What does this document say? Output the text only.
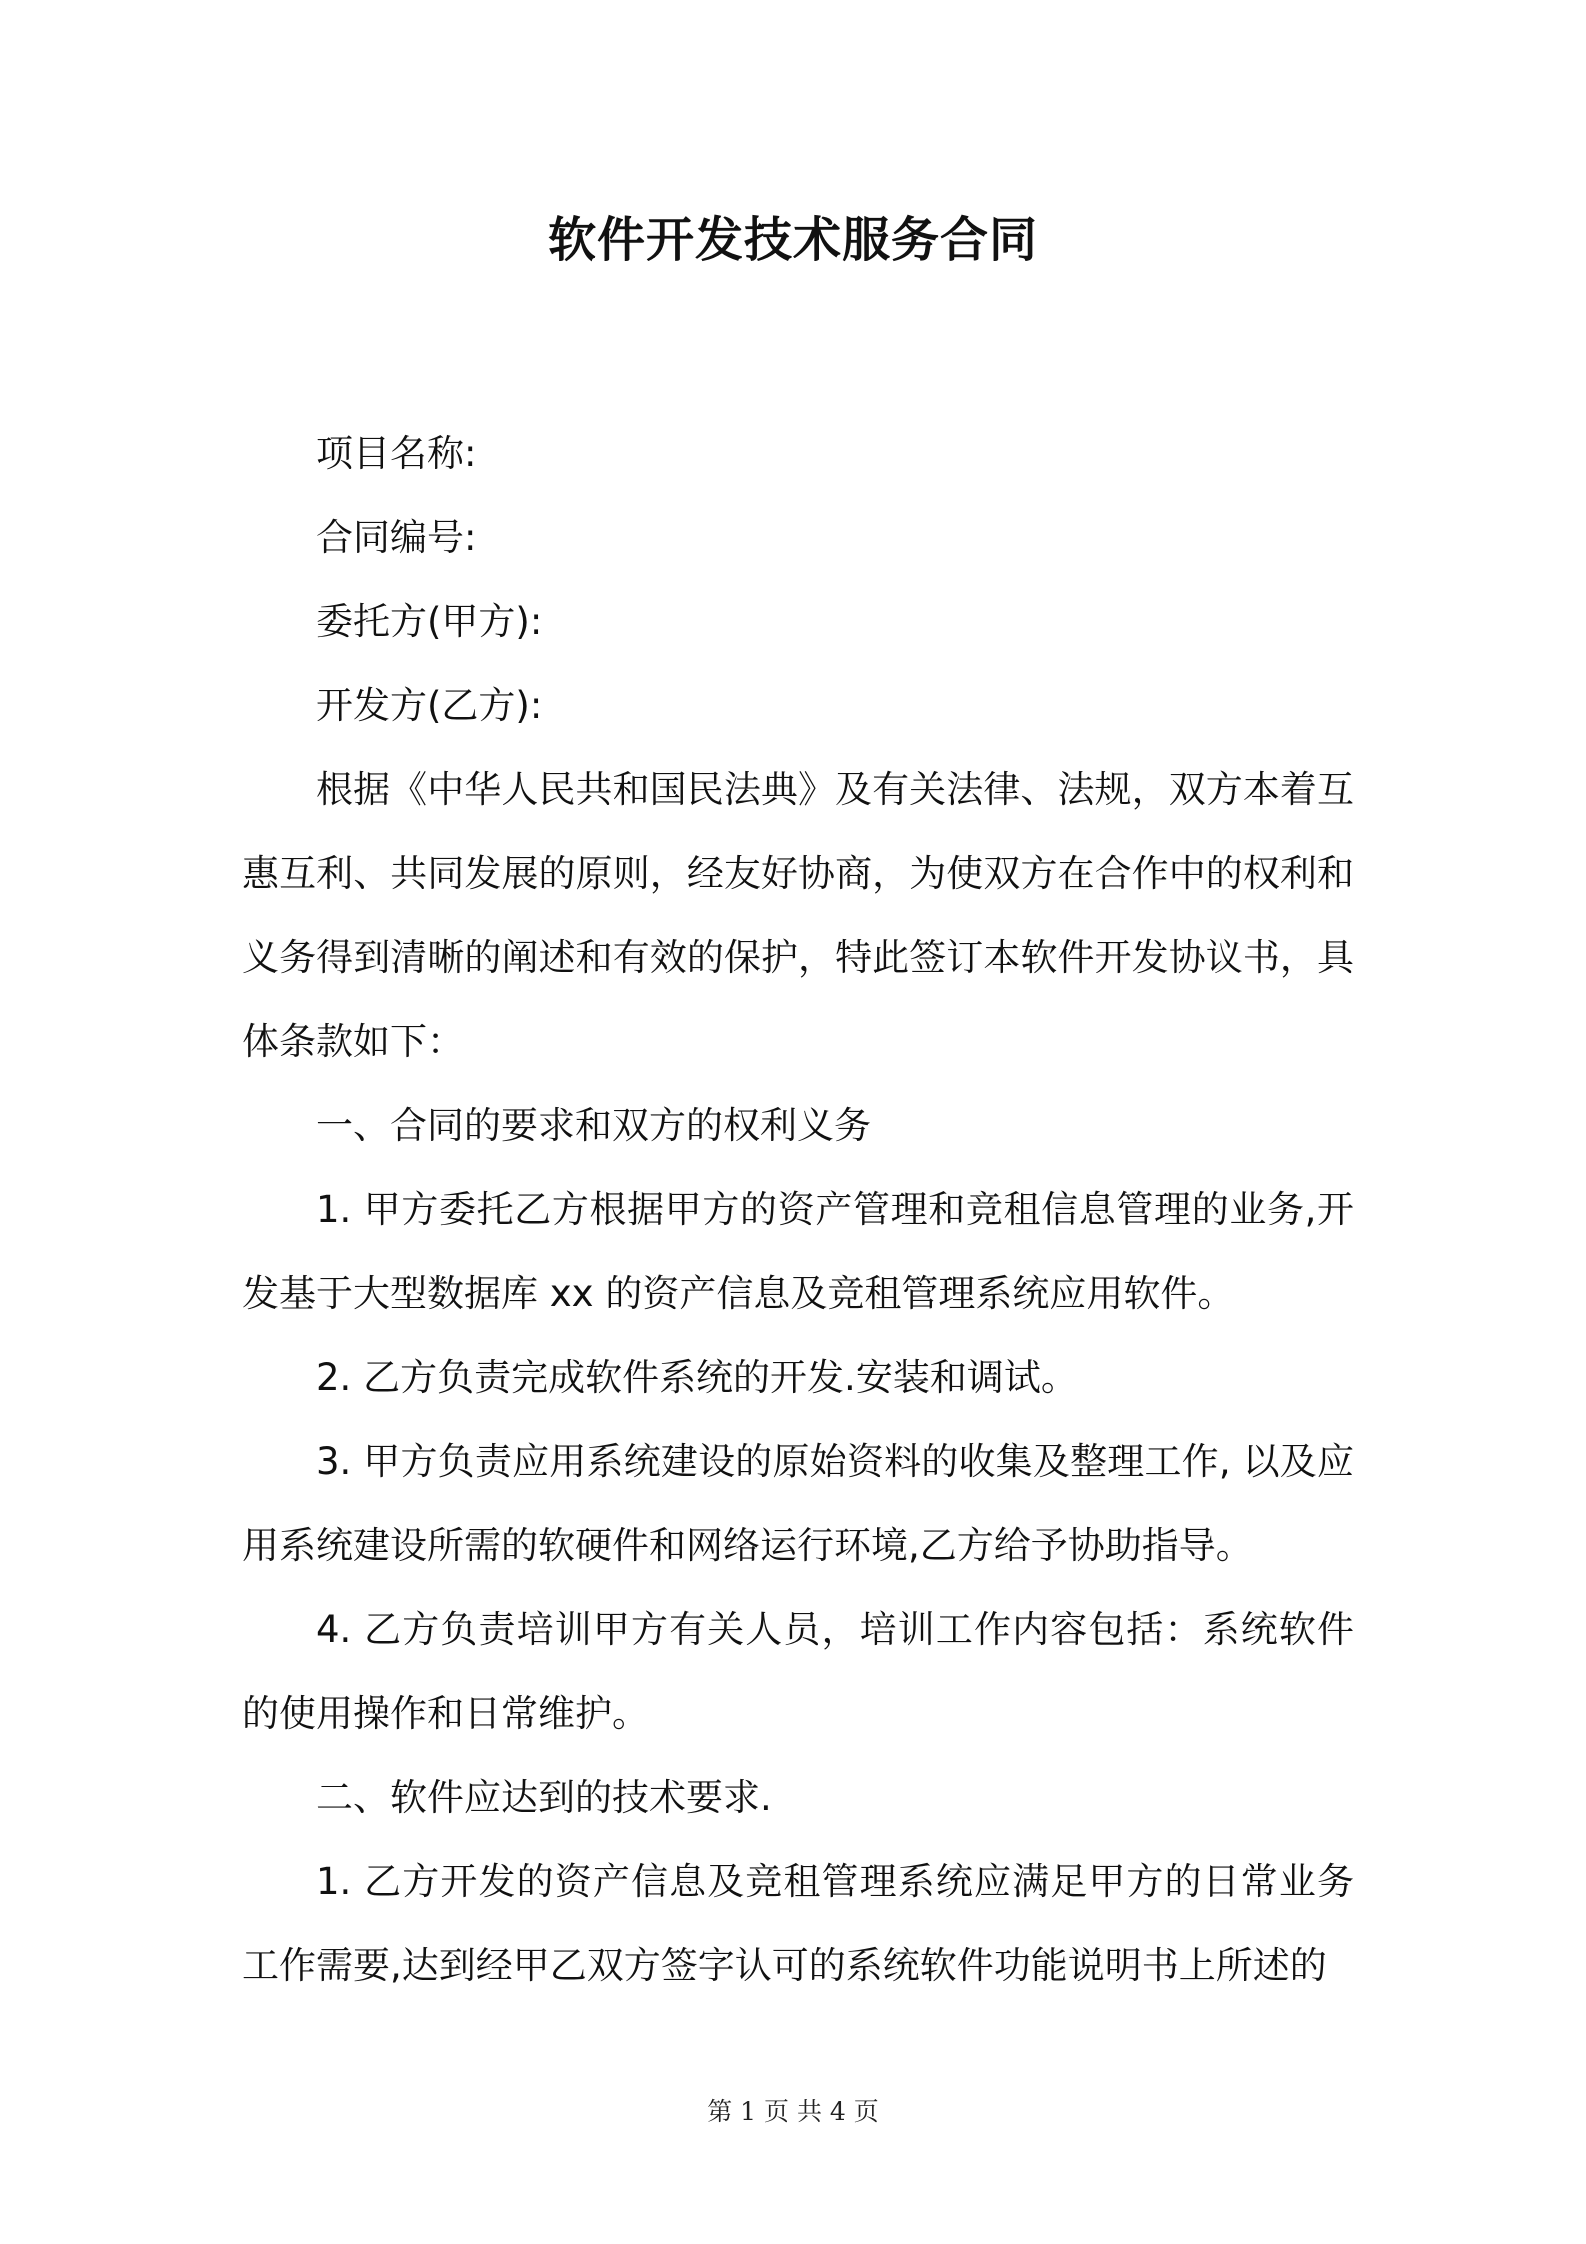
软件开发技术服务合同

项目名称:

合同编号:

委托方(甲方):

开发方(乙方):

根据《中华人民共和国民法典》及有关法律、法规，双方本着互惠互利、共同发展的原则，经友好协商，为使双方在合作中的权利和义务得到清晰的阐述和有效的保护，特此签订本软件开发协议书，具体条款如下：

一、合同的要求和双方的权利义务

1. 甲方委托乙方根据甲方的资产管理和竞租信息管理的业务,开发基于大型数据库 xx 的资产信息及竞租管理系统应用软件。

2. 乙方负责完成软件系统的开发.安装和调试。

3. 甲方负责应用系统建设的原始资料的收集及整理工作, 以及应用系统建设所需的软硬件和网络运行环境,乙方给予协助指导。

4. 乙方负责培训甲方有关人员，培训工作内容包括：系统软件的使用操作和日常维护。

二、软件应达到的技术要求.

1. 乙方开发的资产信息及竞租管理系统应满足甲方的日常业务工作需要,达到经甲乙双方签字认可的系统软件功能说明书上所述的

第 1 页 共 4 页
